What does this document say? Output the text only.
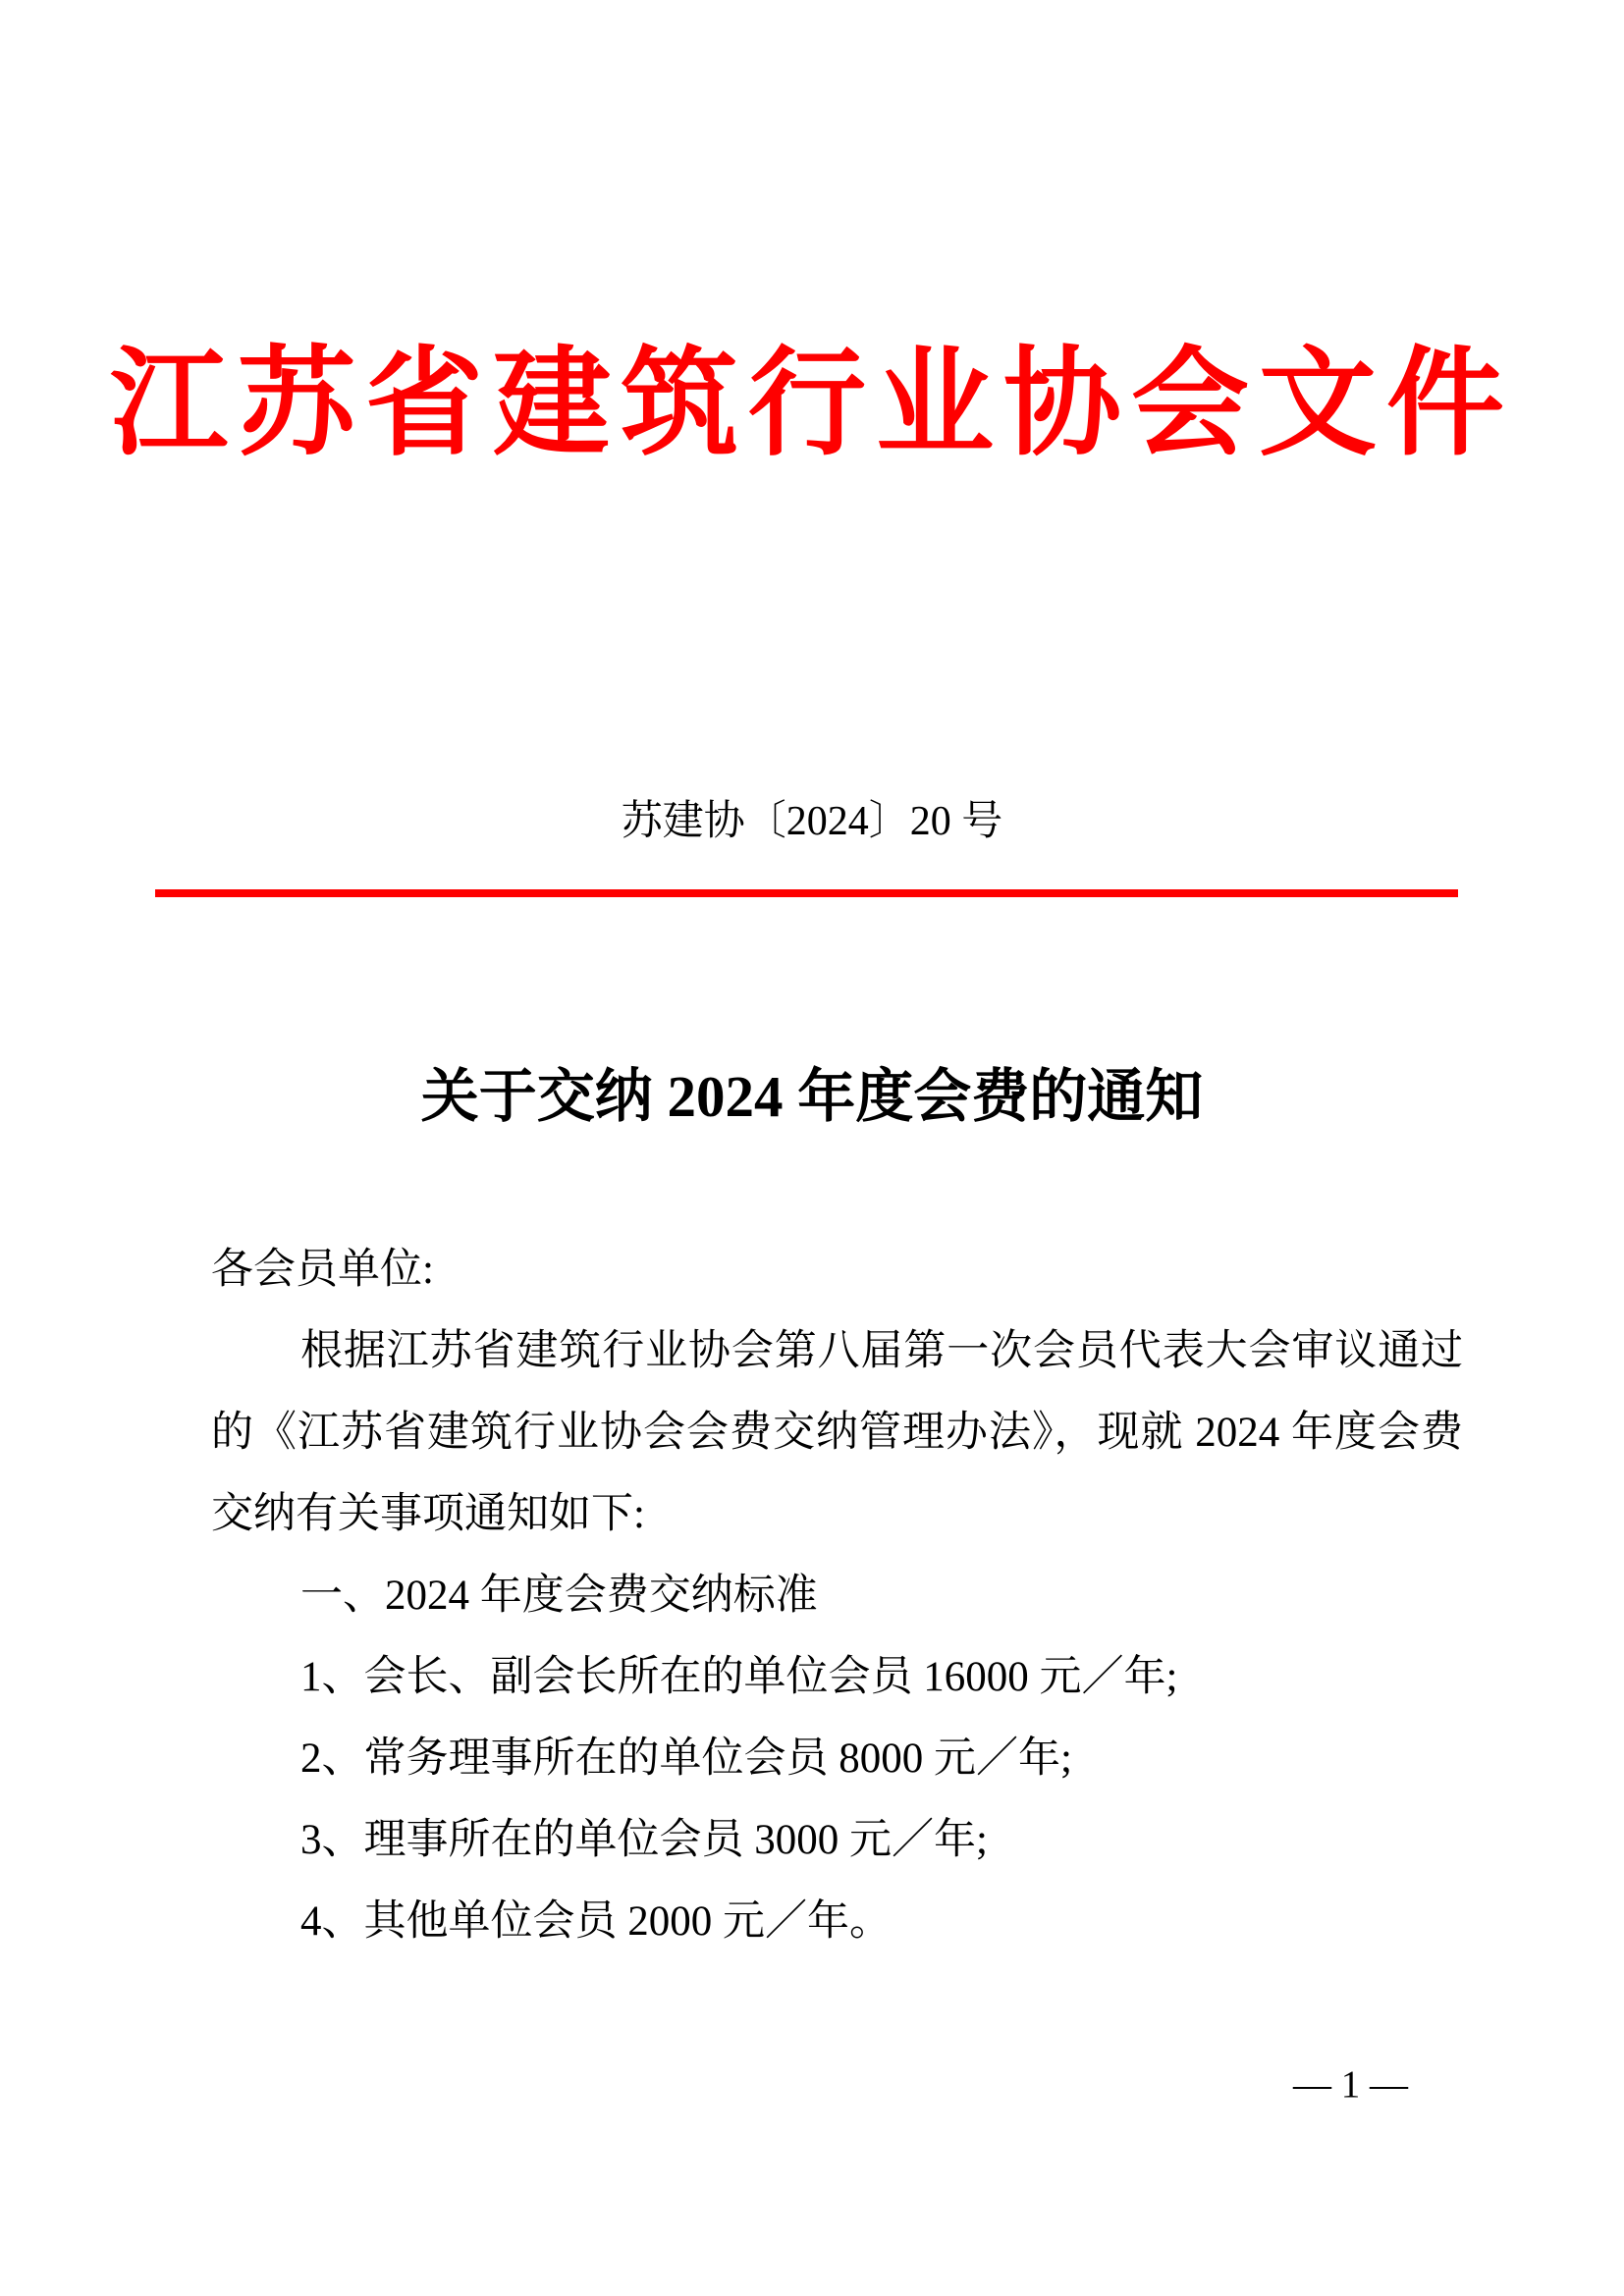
江苏省建筑行业协会文件
苏建协〔2024〕20 号
关于交纳 2024 年度会费的通知

各会员单位:

根据江苏省建筑行业协会第八届第一次会员代表大会审议通过的《江苏省建筑行业协会会费交纳管理办法》，现就 2024 年度会费交纳有关事项通知如下:

一、2024 年度会费交纳标准

1、会长、副会长所在的单位会员 16000 元／年;

2、常务理事所在的单位会员 8000 元／年;

3、理事所在的单位会员 3000 元／年;

4、其他单位会员 2000 元／年。

— 1 —
